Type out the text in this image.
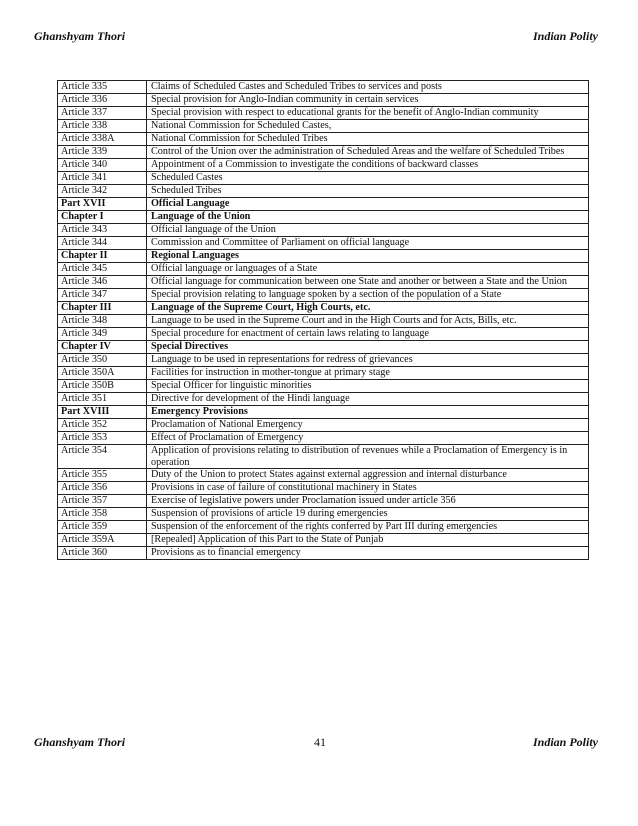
Ghanshyam Thori	Indian Polity
Article 335	Claims of Scheduled Castes and Scheduled Tribes to services and posts
Article 336	Special provision for Anglo-Indian community in certain services
Article 337	Special provision with respect to educational grants for the benefit of Anglo-Indian community
Article 338	National Commission for Scheduled Castes,
Article 338A	National Commission for Scheduled Tribes
Article 339	Control of the Union over the administration of Scheduled Areas and the welfare of Scheduled Tribes
Article 340	Appointment of a Commission to investigate the conditions of backward classes
Article 341	Scheduled Castes
Article 342	Scheduled Tribes
Part XVII	Official Language
Chapter I	Language of the Union
Article 343	Official language of the Union
Article 344	Commission and Committee of Parliament on official language
Chapter II	Regional Languages
Article 345	Official language or languages of a State
Article 346	Official language for communication between one State and another or between a State and the Union
Article 347	Special provision relating to language spoken by a section of the population of a State
Chapter III	Language of the Supreme Court, High Courts, etc.
Article 348	Language to be used in the Supreme Court and in the High Courts and for Acts, Bills, etc.
Article 349	Special procedure for enactment of certain laws relating to language
Chapter IV	Special Directives
Article 350	Language to be used in representations for redress of grievances
Article 350A	Facilities for instruction in mother-tongue at primary stage
Article 350B	Special Officer for linguistic minorities
Article 351	Directive for development of the Hindi language
Part XVIII	Emergency Provisions
Article 352	Proclamation of National Emergency
Article 353	Effect of Proclamation of Emergency
Article 354	Application of provisions relating to distribution of revenues while a Proclamation of Emergency is in operation
Article 355	Duty of the Union to protect States against external aggression and internal disturbance
Article 356	Provisions in case of failure of constitutional machinery in States
Article 357	Exercise of legislative powers under Proclamation issued under article 356
Article 358	Suspension of provisions of article 19 during emergencies
Article 359	Suspension of the enforcement of the rights conferred by Part III during emergencies
Article 359A	[Repealed] Application of this Part to the State of Punjab
Article 360	Provisions as to financial emergency
Ghanshyam Thori	41	Indian Polity
